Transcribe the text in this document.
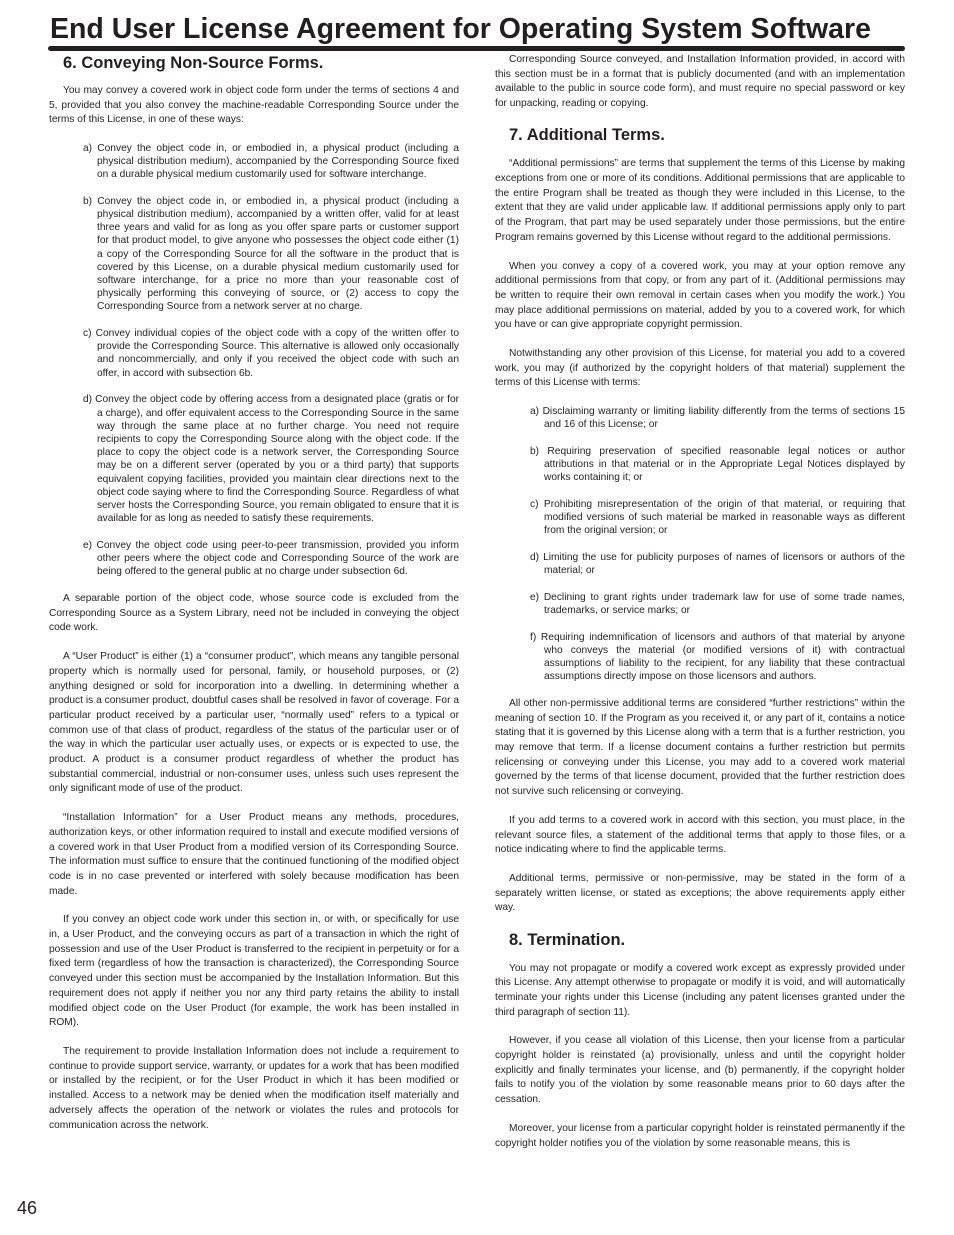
End User License Agreement for Operating System Software
6. Conveying Non-Source Forms.

You may convey a covered work in object code form under the terms of sections 4 and 5, provided that you also convey the machine-readable Corresponding Source under the terms of this License, in one of these ways:

a) Convey the object code in, or embodied in, a physical product (including a physical distribution medium), accompanied by the Corresponding Source fixed on a durable physical medium customarily used for software interchange.
b) Convey the object code in, or embodied in, a physical product (including a physical distribution medium), accompanied by a written offer, valid for at least three years and valid for as long as you offer spare parts or customer support for that product model, to give anyone who possesses the object code either (1) a copy of the Corresponding Source for all the software in the product that is covered by this License, on a durable physical medium customarily used for software interchange, for a price no more than your reasonable cost of physically performing this conveying of source, or (2) access to copy the Corresponding Source from a network server at no charge.
c) Convey individual copies of the object code with a copy of the written offer to provide the Corresponding Source. This alternative is allowed only occasionally and noncommercially, and only if you received the object code with such an offer, in accord with subsection 6b.
d) Convey the object code by offering access from a designated place (gratis or for a charge), and offer equivalent access to the Corresponding Source in the same way through the same place at no further charge. You need not require recipients to copy the Corresponding Source along with the object code. If the place to copy the object code is a network server, the Corresponding Source may be on a different server (operated by you or a third party) that supports equivalent copying facilities, provided you maintain clear directions next to the object code saying where to find the Corresponding Source. Regardless of what server hosts the Corresponding Source, you remain obligated to ensure that it is available for as long as needed to satisfy these requirements.
e) Convey the object code using peer-to-peer transmission, provided you inform other peers where the object code and Corresponding Source of the work are being offered to the general public at no charge under subsection 6d.

A separable portion of the object code, whose source code is excluded from the Corresponding Source as a System Library, need not be included in conveying the object code work.

A “User Product” is either (1) a “consumer product”, which means any tangible personal property which is normally used for personal, family, or household purposes, or (2) anything designed or sold for incorporation into a dwelling. In determining whether a product is a consumer product, doubtful cases shall be resolved in favor of coverage. For a particular product received by a particular user, “normally used” refers to a typical or common use of that class of product, regardless of the status of the particular user or of the way in which the particular user actually uses, or expects or is expected to use, the product. A product is a consumer product regardless of whether the product has substantial commercial, industrial or non-consumer uses, unless such uses represent the only significant mode of use of the product.

“Installation Information” for a User Product means any methods, procedures, authorization keys, or other information required to install and execute modified versions of a covered work in that User Product from a modified version of its Corresponding Source. The information must suffice to ensure that the continued functioning of the modified object code is in no case prevented or interfered with solely because modification has been made.

If you convey an object code work under this section in, or with, or specifically for use in, a User Product, and the conveying occurs as part of a transaction in which the right of possession and use of the User Product is transferred to the recipient in perpetuity or for a fixed term (regardless of how the transaction is characterized), the Corresponding Source conveyed under this section must be accompanied by the Installation Information. But this requirement does not apply if neither you nor any third party retains the ability to install modified object code on the User Product (for example, the work has been installed in ROM).

The requirement to provide Installation Information does not include a requirement to continue to provide support service, warranty, or updates for a work that has been modified or installed by the recipient, or for the User Product in which it has been modified or installed. Access to a network may be denied when the modification itself materially and adversely affects the operation of the network or violates the rules and protocols for communication across the network.

Corresponding Source conveyed, and Installation Information provided, in accord with this section must be in a format that is publicly documented (and with an implementation available to the public in source code form), and must require no special password or key for unpacking, reading or copying.

7. Additional Terms.

“Additional permissions” are terms that supplement the terms of this License by making exceptions from one or more of its conditions. Additional permissions that are applicable to the entire Program shall be treated as though they were included in this License, to the extent that they are valid under applicable law. If additional permissions apply only to part of the Program, that part may be used separately under those permissions, but the entire Program remains governed by this License without regard to the additional permissions.

When you convey a copy of a covered work, you may at your option remove any additional permissions from that copy, or from any part of it. (Additional permissions may be written to require their own removal in certain cases when you modify the work.) You may place additional permissions on material, added by you to a covered work, for which you have or can give appropriate copyright permission.

Notwithstanding any other provision of this License, for material you add to a covered work, you may (if authorized by the copyright holders of that material) supplement the terms of this License with terms:

a) Disclaiming warranty or limiting liability differently from the terms of sections 15 and 16 of this License; or
b) Requiring preservation of specified reasonable legal notices or author attributions in that material or in the Appropriate Legal Notices displayed by works containing it; or
c) Prohibiting misrepresentation of the origin of that material, or requiring that modified versions of such material be marked in reasonable ways as different from the original version; or
d) Limiting the use for publicity purposes of names of licensors or authors of the material; or
e) Declining to grant rights under trademark law for use of some trade names, trademarks, or service marks; or
f) Requiring indemnification of licensors and authors of that material by anyone who conveys the material (or modified versions of it) with contractual assumptions of liability to the recipient, for any liability that these contractual assumptions directly impose on those licensors and authors.

All other non-permissive additional terms are considered “further restrictions” within the meaning of section 10. If the Program as you received it, or any part of it, contains a notice stating that it is governed by this License along with a term that is a further restriction, you may remove that term. If a license document contains a further restriction but permits relicensing or conveying under this License, you may add to a covered work material governed by the terms of that license document, provided that the further restriction does not survive such relicensing or conveying.

If you add terms to a covered work in accord with this section, you must place, in the relevant source files, a statement of the additional terms that apply to those files, or a notice indicating where to find the applicable terms.

Additional terms, permissive or non-permissive, may be stated in the form of a separately written license, or stated as exceptions; the above requirements apply either way.

8. Termination.

You may not propagate or modify a covered work except as expressly provided under this License. Any attempt otherwise to propagate or modify it is void, and will automatically terminate your rights under this License (including any patent licenses granted under the third paragraph of section 11).

However, if you cease all violation of this License, then your license from a particular copyright holder is reinstated (a) provisionally, unless and until the copyright holder explicitly and finally terminates your license, and (b) permanently, if the copyright holder fails to notify you of the violation by some reasonable means prior to 60 days after the cessation.

Moreover, your license from a particular copyright holder is reinstated permanently if the copyright holder notifies you of the violation by some reasonable means, this is

46
